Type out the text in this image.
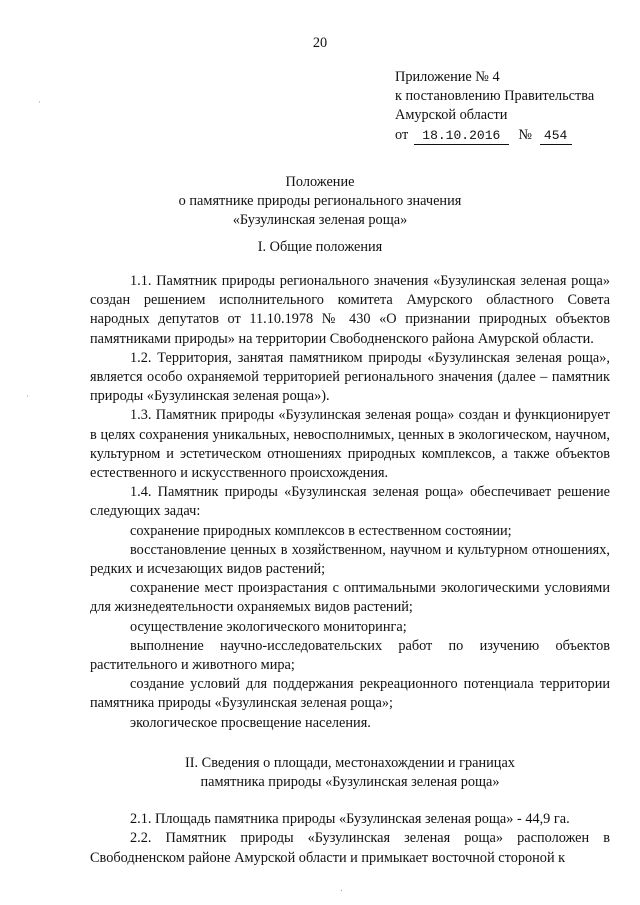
20
Приложение № 4
к постановлению Правительства
Амурской области
от 18.10.2016 № 454
Положение
о памятнике природы регионального значения
«Бузулинская зеленая роща»
I. Общие положения

1.1. Памятник природы регионального значения «Бузулинская зеленая роща» создан решением исполнительного комитета Амурского областного Совета народных депутатов от 11.10.1978 № 430 «О признании природных объектов памятниками природы» на территории Свободненского района Амурской области.

1.2. Территория, занятая памятником природы «Бузулинская зеленая роща», является особо охраняемой территорией регионального значения (далее – памятник природы «Бузулинская зеленая роща»).

1.3. Памятник природы «Бузулинская зеленая роща» создан и функционирует в целях сохранения уникальных, невосполнимых, ценных в экологическом, научном, культурном и эстетическом отношениях природных комплексов, а также объектов естественного и искусственного происхождения.

1.4. Памятник природы «Бузулинская зеленая роща» обеспечивает решение следующих задач:

сохранение природных комплексов в естественном состоянии;

восстановление ценных в хозяйственном, научном и культурном отношениях, редких и исчезающих видов растений;

сохранение мест произрастания с оптимальными экологическими условиями для жизнедеятельности охраняемых видов растений;

осуществление экологического мониторинга;

выполнение научно-исследовательских работ по изучению объектов растительного и животного мира;

создание условий для поддержания рекреационного потенциала территории памятника природы «Бузулинская зеленая роща»;

экологическое просвещение населения.

II. Сведения о площади, местонахождении и границах
памятника природы «Бузулинская зеленая роща»

2.1. Площадь памятника природы «Бузулинская зеленая роща» - 44,9 га.

2.2. Памятник природы «Бузулинская зеленая роща» расположен в Свободненском районе Амурской области и примыкает восточной стороной к

·
·
.
